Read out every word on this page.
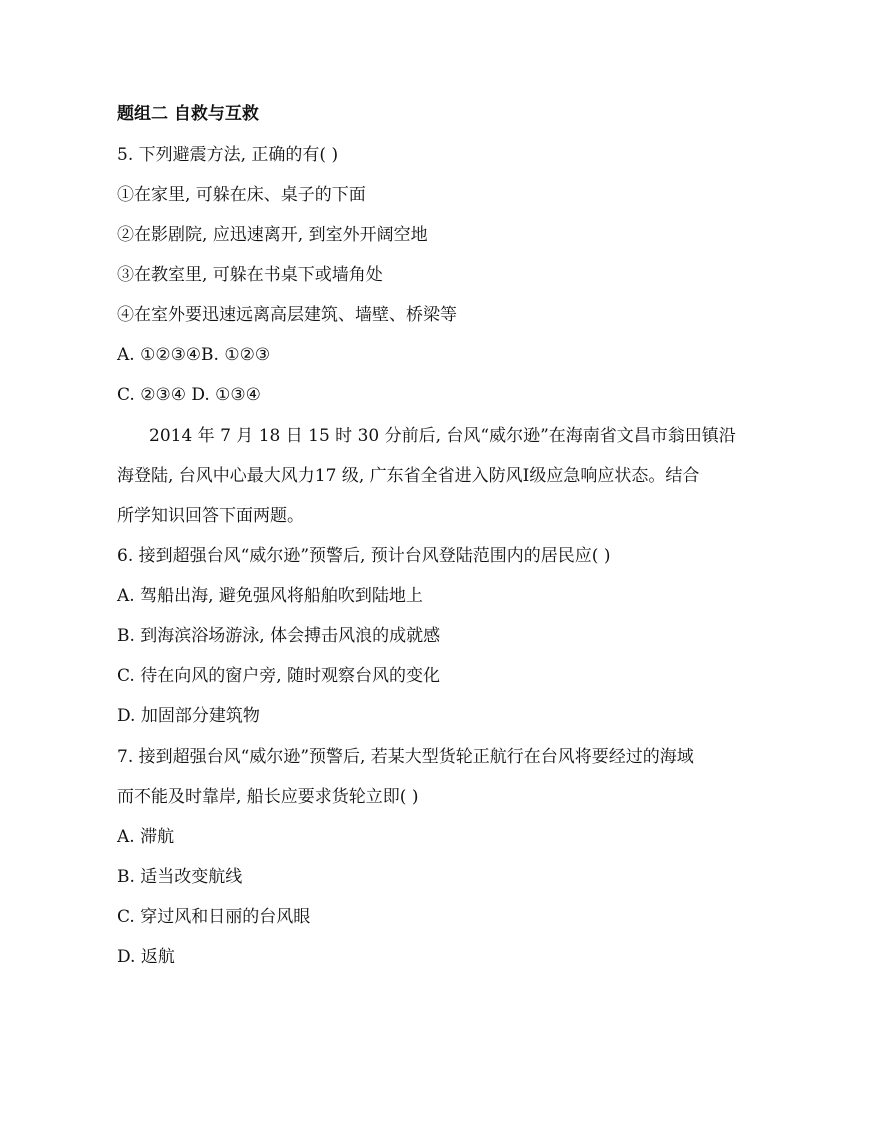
题组二 自救与互救
5. 下列避震方法, 正确的有( )
①在家里, 可躲在床、桌子的下面
②在影剧院, 应迅速离开, 到室外开阔空地
③在教室里, 可躲在书桌下或墙角处
④在室外要迅速远离高层建筑、墙壁、桥梁等
A. ①②③④B. ①②③
C. ②③④ D. ①③④
2014 年 7 月 18 日 15 时 30 分前后, 台风“威尔逊”在海南省文昌市翁田镇沿
海登陆, 台风中心最大风力17 级, 广东省全省进入防风Ⅰ级应急响应状态。结合
所学知识回答下面两题。
6. 接到超强台风“威尔逊”预警后, 预计台风登陆范围内的居民应( )
A. 驾船出海, 避免强风将船舶吹到陆地上
B. 到海滨浴场游泳, 体会搏击风浪的成就感
C. 待在向风的窗户旁, 随时观察台风的变化
D. 加固部分建筑物
7. 接到超强台风“威尔逊”预警后, 若某大型货轮正航行在台风将要经过的海域
而不能及时靠岸, 船长应要求货轮立即( )
A. 滞航
B. 适当改变航线
C. 穿过风和日丽的台风眼
D. 返航
